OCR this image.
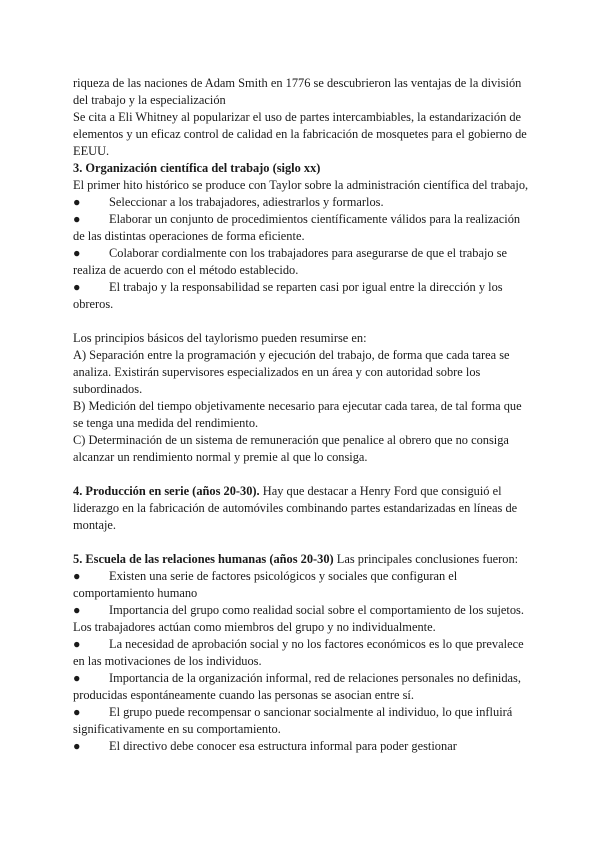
riqueza de las naciones de Adam Smith en 1776 se descubrieron las ventajas de la división del trabajo y la especialización

Se cita a Eli Whitney al popularizar el uso de partes intercambiables, la estandarización de elementos y un eficaz control de calidad en la fabricación de mosquetes para el gobierno de EEUU.

3. Organización científica del trabajo (siglo xx)

El primer hito histórico se produce con Taylor sobre la administración científica del trabajo,

● Seleccionar a los trabajadores, adiestrarlos y formarlos.

● Elaborar un conjunto de procedimientos científicamente válidos para la realización de las distintas operaciones de forma eficiente.

● Colaborar cordialmente con los trabajadores para asegurarse de que el trabajo se realiza de acuerdo con el método establecido.

● El trabajo y la responsabilidad se reparten casi por igual entre la dirección y los obreros.

Los principios básicos del taylorismo pueden resumirse en:

A) Separación entre la programación y ejecución del trabajo, de forma que cada tarea se analiza. Existirán supervisores especializados en un área y con autoridad sobre los subordinados.

B) Medición del tiempo objetivamente necesario para ejecutar cada tarea, de tal forma que se tenga una medida del rendimiento.

C) Determinación de un sistema de remuneración que penalice al obrero que no consiga alcanzar un rendimiento normal y premie al que lo consiga.

4. Producción en serie (años 20-30). Hay que destacar a Henry Ford que consiguió el liderazgo en la fabricación de automóviles combinando partes estandarizadas en líneas de montaje.

5. Escuela de las relaciones humanas (años 20-30) Las principales conclusiones fueron:

● Existen una serie de factores psicológicos y sociales que configuran el comportamiento humano

● Importancia del grupo como realidad social sobre el comportamiento de los sujetos. Los trabajadores actúan como miembros del grupo y no individualmente.

● La necesidad de aprobación social y no los factores económicos es lo que prevalece en las motivaciones de los individuos.

● Importancia de la organización informal, red de relaciones personales no definidas, producidas espontáneamente cuando las personas se asocian entre sí.

● El grupo puede recompensar o sancionar socialmente al individuo, lo que influirá significativamente en su comportamiento.

● El directivo debe conocer esa estructura informal para poder gestionar
